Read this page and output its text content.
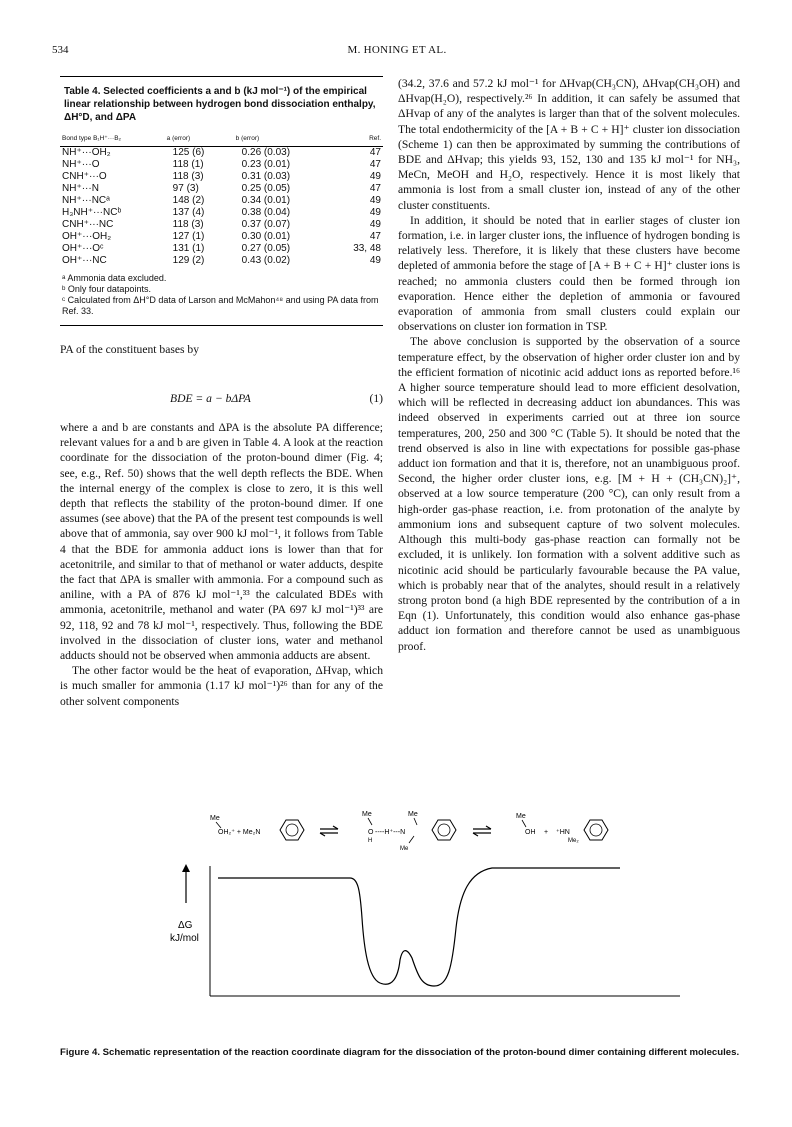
534	M. HONING ET AL.
Table 4. Selected coefficients a and b (kJ mol⁻¹) of the empirical linear relationship between hydrogen bond dissociation enthalpy, ΔH°D, and ΔPA
Bond type B₁H⁺···B₂	a (error)	b (error)	Ref.
NH⁺···OH₂	125 (6)	0.26 (0.03)	47
NH⁺···O	118 (1)	0.23 (0.01)	47
CNH⁺···O	118 (3)	0.31 (0.03)	49
NH⁺···N	97 (3)	0.25 (0.05)	47
NH⁺···NCᵃ	148 (2)	0.34 (0.01)	49
H₃NH⁺···NCᵇ	137 (4)	0.38 (0.04)	49
CNH⁺···NC	118 (3)	0.37 (0.07)	49
OH⁺···OH₂	127 (1)	0.30 (0.01)	47
OH⁺···Oᶜ	131 (1)	0.27 (0.05)	33, 48
OH⁺···NC	129 (2)	0.43 (0.02)	49
ᵃ Ammonia data excluded.
ᵇ Only four datapoints.
ᶜ Calculated from ΔH°D data of Larson and McMahon⁴⁸ and using PA data from Ref. 33.

PA of the constituent bases by

BDE = a − bΔPA	(1)

where a and b are constants and ΔPA is the absolute PA difference; relevant values for a and b are given in Table 4. A look at the reaction coordinate for the dissociation of the proton-bound dimer (Fig. 4; see, e.g., Ref. 50) shows that the well depth reflects the BDE. When the internal energy of the complex is close to zero, it is this well depth that reflects the stability of the proton-bound dimer. If one assumes (see above) that the PA of the present test compounds is well above that of ammonia, say over 900 kJ mol⁻¹, it follows from Table 4 that the BDE for ammonia adduct ions is lower than that for acetonitrile, and similar to that of methanol or water adducts, despite the fact that ΔPA is smaller with ammonia. For a compound such as aniline, with a PA of 876 kJ mol⁻¹,³³ the calculated BDEs with ammonia, acetonitrile, methanol and water (PA 697 kJ mol⁻¹)³³ are 92, 118, 92 and 78 kJ mol⁻¹, respectively. Thus, following the BDE involved in the dissociation of cluster ions, water and methanol adducts should not be observed when ammonia adducts are absent.

The other factor would be the heat of evaporation, ΔHvap, which is much smaller for ammonia (1.17 kJ mol⁻¹)²⁶ than for any of the other solvent components

(34.2, 37.6 and 57.2 kJ mol⁻¹ for ΔHvap(CH₃CN), ΔHvap(CH₃OH) and ΔHvap(H₂O), respectively.²⁶ In addition, it can safely be assumed that ΔHvap of any of the analytes is larger than that of the solvent molecules. The total endothermicity of the [A + B + C + H]⁺ cluster ion dissociation (Scheme 1) can then be approximated by summing the contributions of BDE and ΔHvap; this yields 93, 152, 130 and 135 kJ mol⁻¹ for NH₃, MeCn, MeOH and H₂O, respectively. Hence it is most likely that ammonia is lost from a small cluster ion, instead of any of the other cluster constituents.

In addition, it should be noted that in earlier stages of cluster ion formation, i.e. in larger cluster ions, the influence of hydrogen bonding is relatively less. Therefore, it is likely that these clusters have become depleted of ammonia before the stage of [A + B + C + H]⁺ cluster ions is reached; no ammonia clusters could then be formed through ion evaporation. Hence either the depletion of ammonia or favoured evaporation of ammonia from small clusters could explain our observations on cluster ion formation in TSP.

The above conclusion is supported by the observation of a source temperature effect, by the observation of higher order cluster ion and by the efficient formation of nicotinic acid adduct ions as reported before.¹⁶ A higher source temperature should lead to more efficient desolvation, which will be reflected in decreasing adduct ion abundances. This was indeed observed in experiments carried out at three ion source temperatures, 200, 250 and 300 °C (Table 5). It should be noted that the trend observed is also in line with expectations for possible gas-phase adduct ion formation and that it is, therefore, not an unambiguous proof. Second, the higher order cluster ions, e.g. [M + H + (CH₃CN)₂]⁺, observed at a low source temperature (200 °C), can only result from a high-order gas-phase reaction, i.e. from protonation of the analyte by ammonium ions and subsequent capture of two solvent molecules. Although this multi-body gas-phase reaction can formally not be excluded, it is unlikely. Ion formation with a solvent additive such as nicotinic acid should be particularly favourable because the PA value, which is probably near that of the analytes, should result in a relatively strong proton bond (a high BDE represented by the contribution of a in Eqn (1). Unfortunately, this condition would also enhance gas-phase adduct ion formation and therefore cannot be used as unambiguous proof.

Me
OH₂⁺ + Me₂N
Me	Me
O
H
----H⁺---N
Me
Me
OH + ⁺HN
Me₂
ΔG
kJ/mol
Figure 4. Schematic representation of the reaction coordinate diagram for the dissociation of the proton-bound dimer containing different molecules.
